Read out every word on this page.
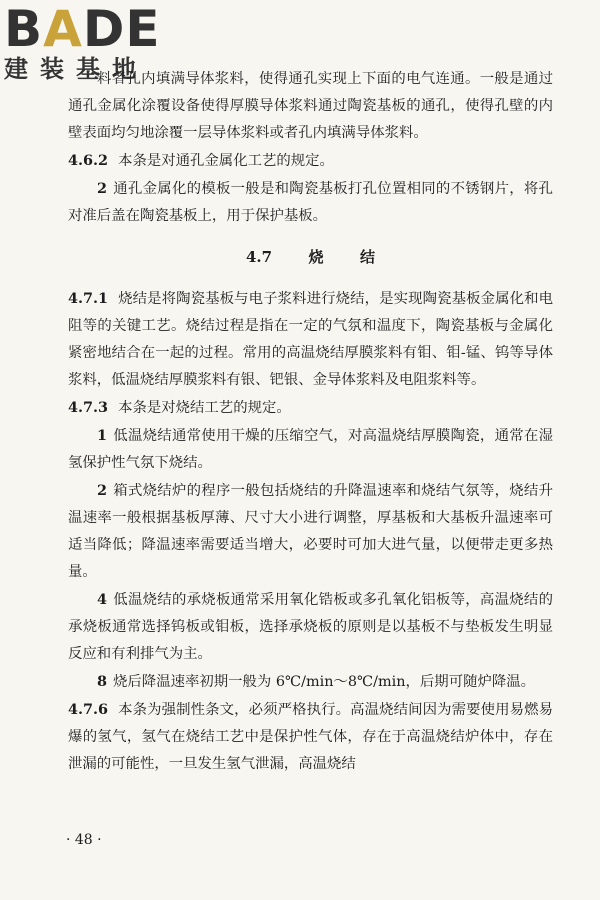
BADE
建装基地

料者孔内填满导体浆料，使得通孔实现上下面的电气连通。一般是通过通孔金属化涂覆设备使得厚膜导体浆料通过陶瓷基板的通孔，使得孔壁的内壁表面均匀地涂覆一层导体浆料或者孔内填满导体浆料。

4.6.2 本条是对通孔金属化工艺的规定。

2 通孔金属化的模板一般是和陶瓷基板打孔位置相同的不锈钢片，将孔对准后盖在陶瓷基板上，用于保护基板。

4.7 烧 结

4.7.1 烧结是将陶瓷基板与电子浆料进行烧结，是实现陶瓷基板金属化和电阻等的关键工艺。烧结过程是指在一定的气氛和温度下，陶瓷基板与金属化紧密地结合在一起的过程。常用的高温烧结厚膜浆料有钼、钼-锰、钨等导体浆料，低温烧结厚膜浆料有银、钯银、金导体浆料及电阻浆料等。

4.7.3 本条是对烧结工艺的规定。

1 低温烧结通常使用干燥的压缩空气，对高温烧结厚膜陶瓷，通常在湿氢保护性气氛下烧结。

2 箱式烧结炉的程序一般包括烧结的升降温速率和烧结气氛等，烧结升温速率一般根据基板厚薄、尺寸大小进行调整，厚基板和大基板升温速率可适当降低；降温速率需要适当增大，必要时可加大进气量，以便带走更多热量。

4 低温烧结的承烧板通常采用氧化锆板或多孔氧化铝板等，高温烧结的承烧板通常选择钨板或钼板，选择承烧板的原则是以基板不与垫板发生明显反应和有利排气为主。

8 烧后降温速率初期一般为 6℃/min～8℃/min，后期可随炉降温。

4.7.6 本条为强制性条文，必须严格执行。高温烧结间因为需要使用易燃易爆的氢气，氢气在烧结工艺中是保护性气体，存在于高温烧结炉体中，存在泄漏的可能性，一旦发生氢气泄漏，高温烧结

· 48 ·
